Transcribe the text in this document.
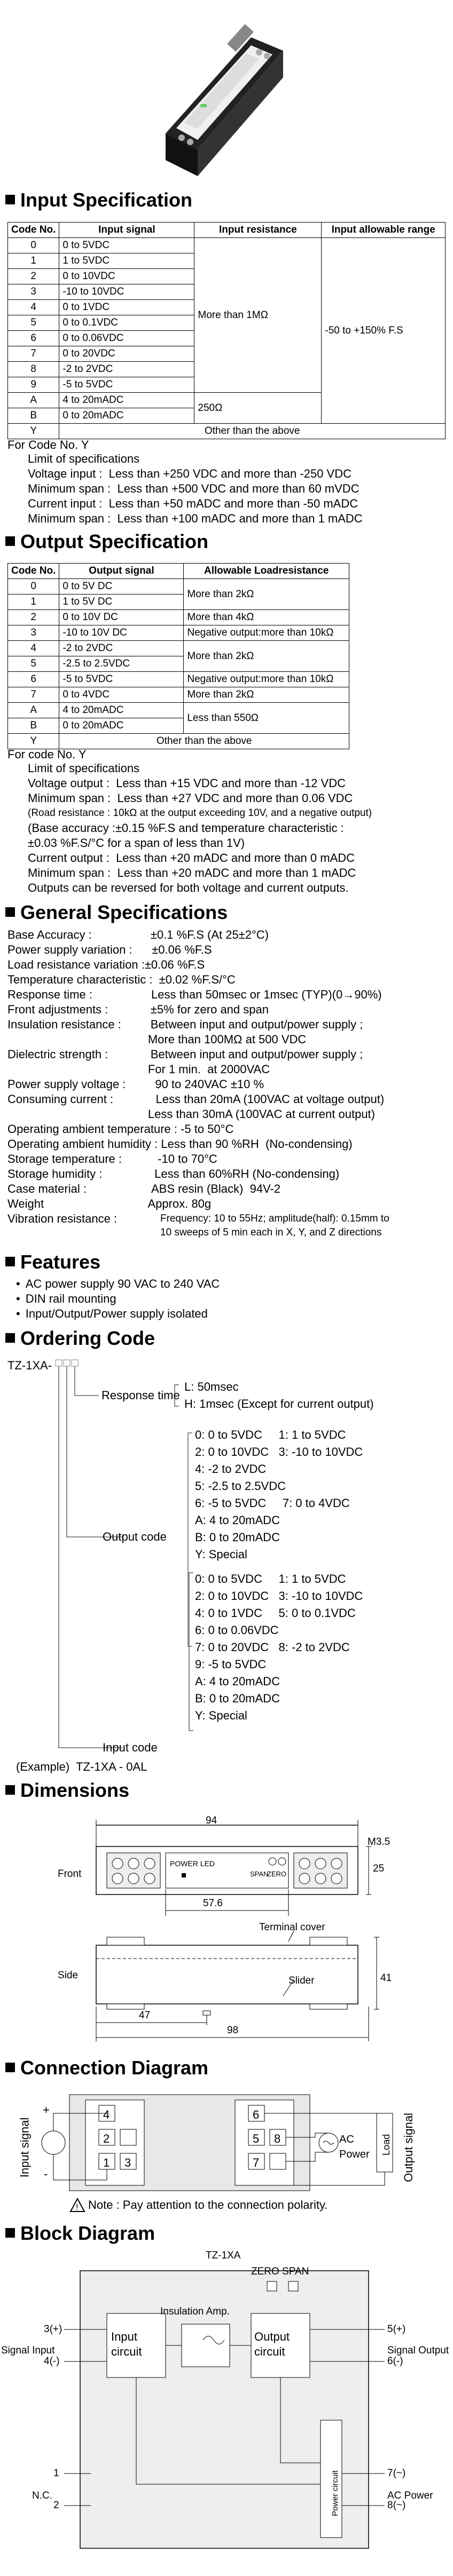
Input Specification
Code No.	Input signal	Input resistance	Input allowable range
0	0 to 5VDC	More than 1MΩ	-50 to +150% F.S
1	1 to 5VDC		
2	0 to 10VDC		
3	-10 to 10VDC		
4	0 to 1VDC		
5	0 to 0.1VDC		
6	0 to 0.06VDC		
7	0 to 20VDC		
8	-2 to 2VDC		
9	-5 to 5VDC		
A	4 to 20mADC	250Ω	
B	0 to 20mADC		
Y	Other than the above		
For Code No. Y
Limit of specifications
Voltage input :  Less than +250 VDC and more than -250 VDC
Minimum span :  Less than +500 VDC and more than 60 mVDC
Current input :  Less than +50 mADC and more than -50 mADC
Minimum span :  Less than +100 mADC and more than 1 mADC
Output Specification
Code No.	Output signal	Allowable Loadresistance
0	0 to 5V DC	More than 2kΩ
1	1 to 5V DC	
2	0 to 10V DC	More than 4kΩ
3	-10 to 10V DC	Negative output:more than 10kΩ
4	-2 to 2VDC	More than 2kΩ
5	-2.5 to 2.5VDC	
6	-5 to 5VDC	Negative output:more than 10kΩ
7	0 to 4VDC	More than 2kΩ
A	4 to 20mADC	Less than 550Ω
B	0 to 20mADC	
Y	Other than the above	
For code No. Y
Limit of specifications
Voltage output :  Less than +15 VDC and more than -12 VDC
Minimum span :  Less than +27 VDC and more than 0.06 VDC
(Road resistance : 10kΩ at the output exceeding 10V, and a negative output)
(Base accuracy :±0.15 %F.S and temperature characteristic :
±0.03 %F.S/°C for a span of less than 1V)
Current output :  Less than +20 mADC and more than 0 mADC
Minimum span :  Less than +20 mADC and more than 1 mADC
Outputs can be reversed for both voltage and current outputs.
General Specifications
Base Accuracy :                  ±0.1 %F.S (At 25±2°C)
Power supply variation :      ±0.06 %F.S
Load resistance variation :±0.06 %F.S
Temperature characteristic :  ±0.02 %F.S/°C
Response time :                  Less than 50msec or 1msec (TYP)(0→90%)
Front adjustments :             ±5% for zero and span
Insulation resistance :         Between input and output/power supply ;
More than 100MΩ at 500 VDC
Dielectric strength :             Between input and output/power supply ;
For 1 min.  at 2000VAC
Power supply voltage :         90 to 240VAC ±10 %
Consuming current :             Less than 20mA (100VAC at voltage output)
Less than 30mA (100VAC at current output)
Operating ambient temperature : -5 to 50°C
Operating ambient humidity : Less than 90 %RH  (No-condensing)
Storage temperature :           -10 to 70°C
Storage humidity :                Less than 60%RH (No-condensing)
Case material :                    ABS resin (Black)  94V-2
Weight                                Approx. 80g
Vibration resistance :	Frequency: 10 to 55Hz; amplitude(half): 0.15mm to
10 sweeps of 5 min each in X, Y, and Z directions
Features
• AC power supply 90 VAC to 240 VAC
• DIN rail mounting
• Input/Output/Power supply isolated
Ordering Code
TZ-1XA-
Response time
L: 50msec
H: 1msec (Except for current output)
Output code
0: 0 to 5VDC     1: 1 to 5VDC
2: 0 to 10VDC   3: -10 to 10VDC
4: -2 to 2VDC
5: -2.5 to 2.5VDC
6: -5 to 5VDC     7: 0 to 4VDC
A: 4 to 20mADC
B: 0 to 20mADC
Y: Special
Input code
0: 0 to 5VDC     1: 1 to 5VDC
2: 0 to 10VDC   3: -10 to 10VDC
4: 0 to 1VDC     5: 0 to 0.1VDC
6: 0 to 0.06VDC
7: 0 to 20VDC   8: -2 to 2VDC
9: -5 to 5VDC
A: 4 to 20mADC
B: 0 to 20mADC
Y: Special
(Example)  TZ-1XA - 0AL
Dimensions
94
M3.5
25
57.6
41
47
98
Front
Side
Terminal cover
Slider
POWER LED
SPAN
ZERO
Connection Diagram
Input signal	Output signal
Load
AC Power
+
-
4
2
1 3
6
5
7
8
! Note : Pay attention to the connection polarity.
Block Diagram
TZ-1XA
ZERO SPAN
Insulation Amp.
Input circuit
Output circuit
Power circuit
Signal Input	Signal Output
AC Power
N.C.
3(+)
4(-)
5(+)
6(-)
7(~)
8(~)
1
2
